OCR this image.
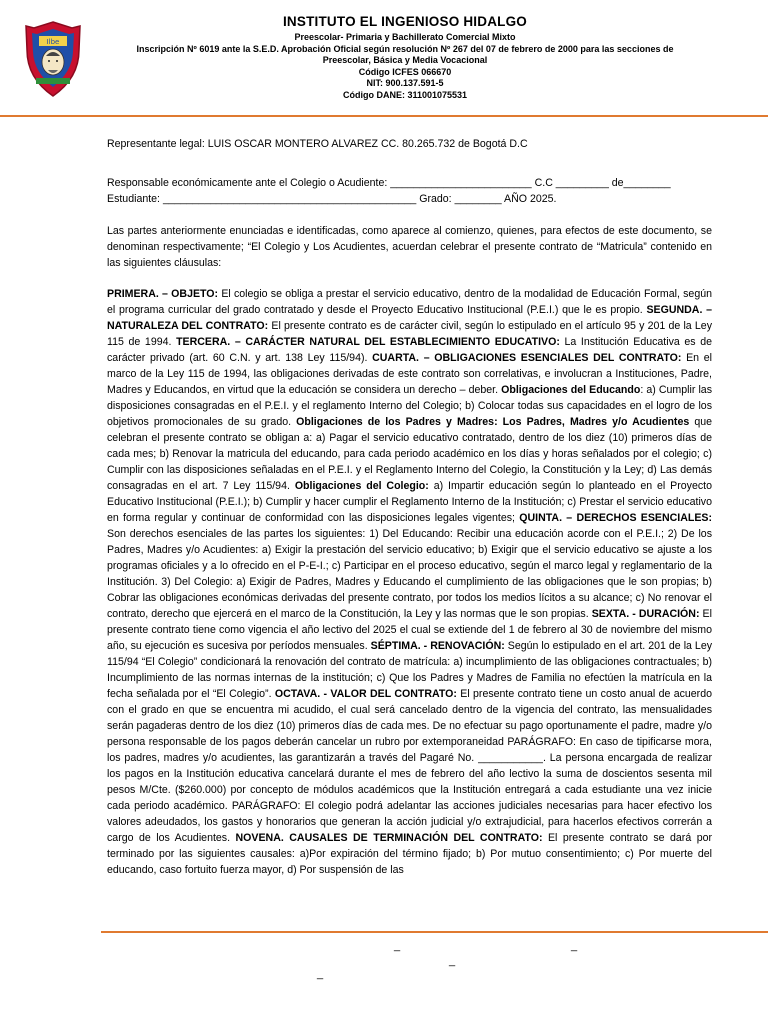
Ilbe

INSTITUTO EL INGENIOSO HIDALGO

Preescolar- Primaria y Bachillerato Comercial Mixto

Inscripción Nº 6019 ante la S.E.D. Aprobación Oficial según resolución Nº 267 del 07 de febrero de 2000 para las secciones de

Preescolar, Básica y Media Vocacional

Código ICFES 066670

NIT: 900.137.591-5

Código DANE: 311001075531

Representante legal: LUIS OSCAR MONTERO ALVAREZ CC. 80.265.732 de Bogotá D.C

Responsable económicamente ante el Colegio o Acudiente: ________________________ C.C _________ de________

Estudiante: ___________________________________________ Grado: ________ AÑO 2025.

Las partes anteriormente enunciadas e identificadas, como aparece al comienzo, quienes, para efectos de este documento, se denominan respectivamente; “El Colegio y Los Acudientes, acuerdan celebrar el presente contrato de “Matricula” contenido en las siguientes cláusulas:

PRIMERA. – OBJETO: El colegio se obliga a prestar el servicio educativo, dentro de la modalidad de Educación Formal, según el programa curricular del grado contratado y desde el Proyecto Educativo Institucional (P.E.I.) que le es propio. SEGUNDA. – NATURALEZA DEL CONTRATO: El presente contrato es de carácter civil, según lo estipulado en el artículo 95 y 201 de la Ley 115 de 1994. TERCERA. – CARÁCTER NATURAL DEL ESTABLECIMIENTO EDUCATIVO: La Institución Educativa es de carácter privado (art. 60 C.N. y art. 138 Ley 115/94). CUARTA. – OBLIGACIONES ESENCIALES DEL CONTRATO: En el marco de la Ley 115 de 1994, las obligaciones derivadas de este contrato son correlativas, e involucran a Instituciones, Padre, Madres y Educandos, en virtud que la educación se considera un derecho – deber. Obligaciones del Educando: a) Cumplir las disposiciones consagradas en el P.E.I. y el reglamento Interno del Colegio; b) Colocar todas sus capacidades en el logro de los objetivos promocionales de su grado. Obligaciones de los Padres y Madres: Los Padres, Madres y/o Acudientes que celebran el presente contrato se obligan a: a) Pagar el servicio educativo contratado, dentro de los diez (10) primeros días de cada mes; b) Renovar la matricula del educando, para cada periodo académico en los días y horas señalados por el colegio; c) Cumplir con las disposiciones señaladas en el P.E.I. y el Reglamento Interno del Colegio, la Constitución y la Ley; d) Las demás consagradas en el art. 7 Ley 115/94. Obligaciones del Colegio: a) Impartir educación según lo planteado en el Proyecto Educativo Institucional (P.E.I.); b) Cumplir y hacer cumplir el Reglamento Interno de la Institución; c) Prestar el servicio educativo en forma regular y continuar de conformidad con las disposiciones legales vigentes; QUINTA. – DERECHOS ESENCIALES: Son derechos esenciales de las partes los siguientes: 1) Del Educando: Recibir una educación acorde con el P.E.I.; 2) De los Padres, Madres y/o Acudientes: a) Exigir la prestación del servicio educativo; b) Exigir que el servicio educativo se ajuste a los programas oficiales y a lo ofrecido en el P-E-I.; c) Participar en el proceso educativo, según el marco legal y reglamentario de la Institución. 3) Del Colegio: a) Exigir de Padres, Madres y Educando el cumplimiento de las obligaciones que le son propias; b) Cobrar las obligaciones económicas derivadas del presente contrato, por todos los medios lícitos a su alcance; c) No renovar el contrato, derecho que ejercerá en el marco de la Constitución, la Ley y las normas que le son propias. SEXTA. - DURACIÓN: El presente contrato tiene como vigencia el año lectivo del 2025 el cual se extiende del 1 de febrero al 30 de noviembre del mismo año, su ejecución es sucesiva por períodos mensuales. SÉPTIMA. - RENOVACIÓN: Según lo estipulado en el art. 201 de la Ley 115/94 “El Colegio” condicionará la renovación del contrato de matrícula: a) incumplimiento de las obligaciones contractuales; b) Incumplimiento de las normas internas de la institución; c) Que los Padres y Madres de Familia no efectúen la matrícula en la fecha señalada por el “El Colegio”. OCTAVA. - VALOR DEL CONTRATO: El presente contrato tiene un costo anual de acuerdo con el grado en que se encuentra mi acudido, el cual será cancelado dentro de la vigencia del contrato, las mensualidades serán pagaderas dentro de los diez (10) primeros días de cada mes. De no efectuar su pago oportunamente el padre, madre y/o persona responsable de los pagos deberán cancelar un rubro por extemporaneidad PARÁGRAFO: En caso de tipificarse mora, los padres, madres y/o acudientes, las garantizarán a través del Pagaré No. ___________. La persona encargada de realizar los pagos en la Institución educativa cancelará durante el mes de febrero del año lectivo la suma de doscientos sesenta mil pesos M/Cte. ($260.000) por concepto de módulos académicos que la Institución entregará a cada estudiante una vez inicie cada periodo académico. PARÁGRAFO: El colegio podrá adelantar las acciones judiciales necesarias para hacer efectivo los valores adeudados, los gastos y honorarios que generan la acción judicial y/o extrajudicial, para hacerlos efectivos correrán a cargo de los Acudientes. NOVENA. CAUSALES DE TERMINACIÓN DEL CONTRATO: El presente contrato se dará por terminado por las siguientes causales: a)Por expiración del término fijado; b) Por mutuo consentimiento; c) Por muerte del educando, caso fortuito fuerza mayor, d) Por suspensión de las

_	_
_
_
